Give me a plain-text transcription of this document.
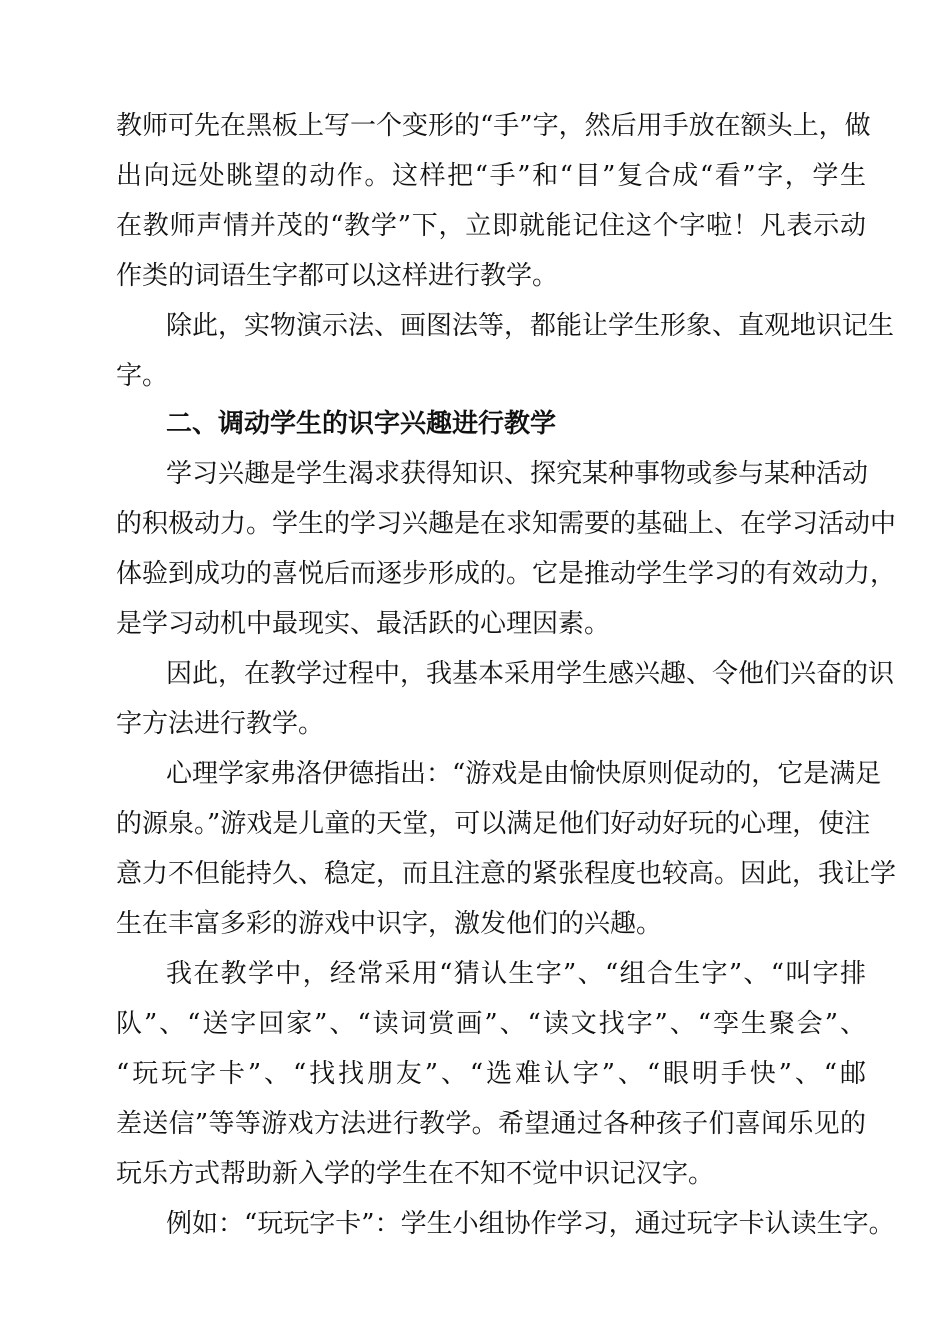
教师可先在黑板上写一个变形的“手”字，然后用手放在额头上，做
出向远处眺望的动作。这样把“手”和“目”复合成“看”字，学生
在教师声情并茂的“教学”下，立即就能记住这个字啦！凡表示动
作类的词语生字都可以这样进行教学。
除此，实物演示法、画图法等，都能让学生形象、直观地识记生
字。
二、调动学生的识字兴趣进行教学
学习兴趣是学生渴求获得知识、探究某种事物或参与某种活动
的积极动力。学生的学习兴趣是在求知需要的基础上、在学习活动中
体验到成功的喜悦后而逐步形成的。它是推动学生学习的有效动力，
是学习动机中最现实、最活跃的心理因素。
因此，在教学过程中，我基本采用学生感兴趣、令他们兴奋的识
字方法进行教学。
心理学家弗洛伊德指出：“游戏是由愉快原则促动的，它是满足
的源泉。”游戏是儿童的天堂，可以满足他们好动好玩的心理，使注
意力不但能持久、稳定，而且注意的紧张程度也较高。因此，我让学
生在丰富多彩的游戏中识字，激发他们的兴趣。
我在教学中，经常采用“猜认生字”、“组合生字”、“叫字排
队”、“送字回家”、“读词赏画”、“读文找字”、“孪生聚会”、
“玩玩字卡”、“找找朋友”、“选难认字”、“眼明手快”、“邮
差送信”等等游戏方法进行教学。希望通过各种孩子们喜闻乐见的
玩乐方式帮助新入学的学生在不知不觉中识记汉字。
例如：“玩玩字卡”：学生小组协作学习，通过玩字卡认读生字。
